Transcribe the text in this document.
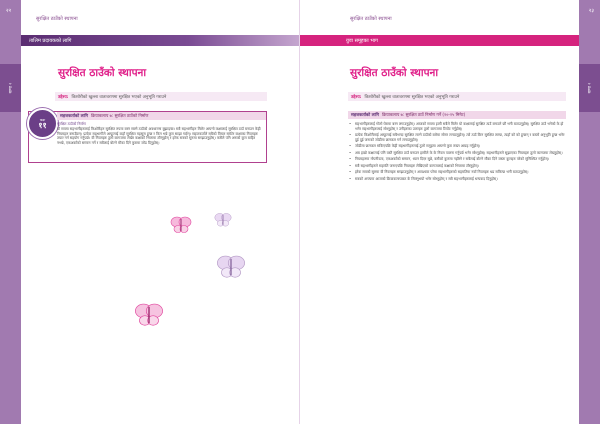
२२
खण्ड २
सुरक्षित ठाउँको स्थापना
तालिम प्रदायकको लागि
सुरक्षित ठाउँको स्थापना
उद्देश्य: किशोरीको खुल्ला वातावरणमा सुरक्षित भएको अनुभूति गराउने
कक्षा
११
सहजकर्ताको लागि क्रियाकलाप ७: सुरक्षित ठाउँको निर्माण
सुरक्षित ठाउँको निर्माण
यो सत्रमा सहभागीहरुलाई किशोरीहरु सुरक्षित रुपमा बस्न सक्ने ठाउँको अवधारणा बुझाइन्छ। सबै सहभागीहरु मिलेर आफ्नो कक्षालाई सुरक्षित ठाउँ बनाउन केही नियमहरु बनाउँछन्। प्रत्येक सहभागीले आफूलाई कहाँ सुरक्षित महसुस हुन्छ र किन भन्ने कुरा साझा गर्छन्। सहजकर्ताले सबैको विचार समेटेर कक्षाका नियमहरु तयार गर्न सहयोग गर्नुपर्छ। यी नियमहरु ठूलो कागजमा लेखेर कक्षाको भित्तामा टाँस्नुहोस् र हरेक सत्रको सुरुमा सम्झाउनुहोस्। कसैले पनि अरुको कुरा बाहिर नभन्ने, एकअर्काको सम्मान गर्ने र सबैलाई बोल्ने मौका दिने कुरामा जोड दिनुहोस्।
२३
खण्ड २
सुरक्षित ठाउँको स्थापना
युवा समूहका भाग
सुरक्षित ठाउँको स्थापना
उद्देश्य: किशोरीको खुल्ला वातावरणमा सुरक्षित भएको अनुभूति गराउने
सहजकर्ताको लागि क्रियाकलाप ७: सुरक्षित ठाउँ निर्माण गर्ने (२०-२५ मिनेट)
• सहभागीहरुलाई गोलो घेरामा बस्न लगाउनुहोस्। आजको सत्रमा हामी सबैले मिलेर यो कक्षालाई सुरक्षित ठाउँ बनाउने छौं भनी बताउनुहोस्। सुरक्षित ठाउँ भनेको के हो भनेर सहभागीहरुलाई सोध्नुहोस् र उनीहरुका उत्तरहरु ठूलो कागजमा टिपोट गर्नुहोस्।
• प्रत्येक किशोरीलाई आफूलाई सबैभन्दा सुरक्षित लाग्ने ठाउँको बारेमा सोच्न लगाउनुहोस्। त्यो ठाउँ किन सुरक्षित लाग्छ, त्यहाँ को को हुन्छन् र कस्तो अनुभूति हुन्छ भनेर दुई दुई जनाको जोडीमा छलफल गर्न लगाउनुहोस्।
• जोडीमा छलफल सकिएपछि केही सहभागीहरुलाई ठूलो समूहमा आफ्नो कुरा राख्न आग्रह गर्नुहोस्।
• अब हाम्रो कक्षालाई पनि यस्तै सुरक्षित ठाउँ बनाउन हामीले के के नियम पालना गर्नुपर्छ भनेर सोध्नुहोस्। सहभागीहरुले सुझाएका नियमहरु ठूलो कागजमा लेख्नुहोस्।
• नियमहरुमा गोपनीयता, एकअर्काको सम्मान, ध्यान दिएर सुन्ने, कसैको कुरामा नहाँस्ने र सबैलाई बोल्ने मौका दिने जस्ता कुराहरु परेको सुनिश्चित गर्नुहोस्।
• सबै सहभागीहरुले सहमति जनाएपछि नियमहरु लेखिएको कागजलाई कक्षाको भित्तामा टाँस्नुहोस्।
• हरेक सत्रको सुरुमा यी नियमहरु सम्झाउनुहोस् र आवश्यक परेमा सहभागीहरुको सहमतिमा नयाँ नियमहरु थप्न सकिन्छ भनी बताउनुहोस्।
• सत्रको अन्त्यमा आजको क्रियाकलापबाट के सिक्नुभयो भनेर सोध्नुहोस् र सबै सहभागीहरुलाई धन्यवाद दिनुहोस्।
